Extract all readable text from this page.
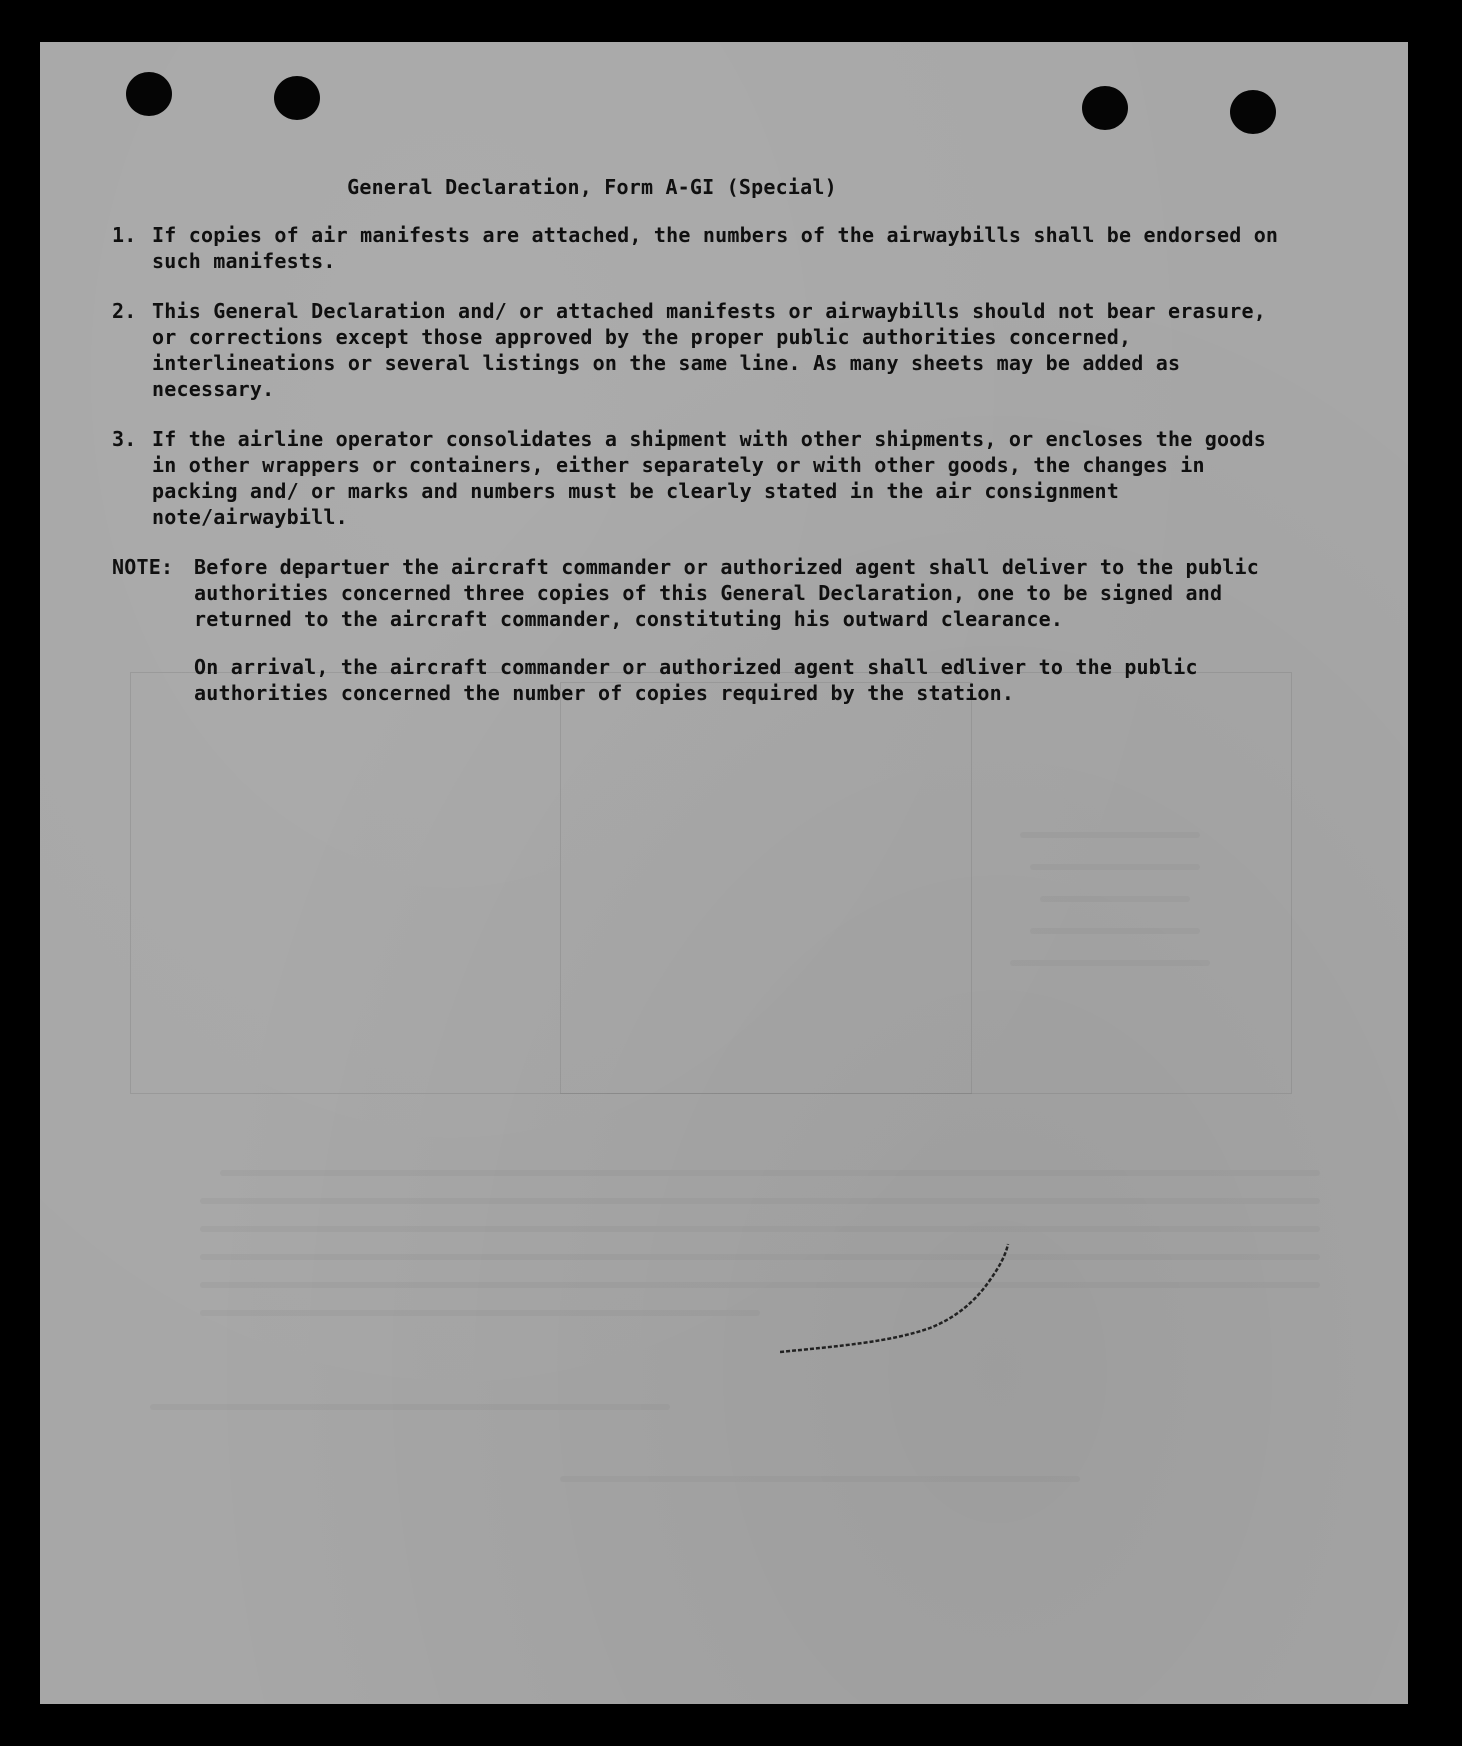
General Declaration, Form A-GI (Special)
1. If copies of air manifests are attached, the numbers of the airwaybills shall be endorsed on
such manifests.
2. This General Declaration and/ or attached manifests or airwaybills should not bear erasure,
or corrections except those approved by the proper public authorities concerned,
interlineations or several listings on the same line. As many sheets may be added as
necessary.
3. If the airline operator consolidates a shipment with other shipments, or encloses the goods
in other wrappers or containers, either separately or with other goods, the changes in
packing and/ or marks and numbers must be clearly stated in the air consignment
note/airwaybill.
NOTE:	Before departuer the aircraft commander or authorized agent shall deliver to the public
authorities concerned three copies of this General Declaration, one to be signed and
returned to the aircraft commander, constituting his outward clearance.
On arrival, the aircraft commander or authorized agent shall edliver to the public
authorities concerned the number of copies required by the station.
